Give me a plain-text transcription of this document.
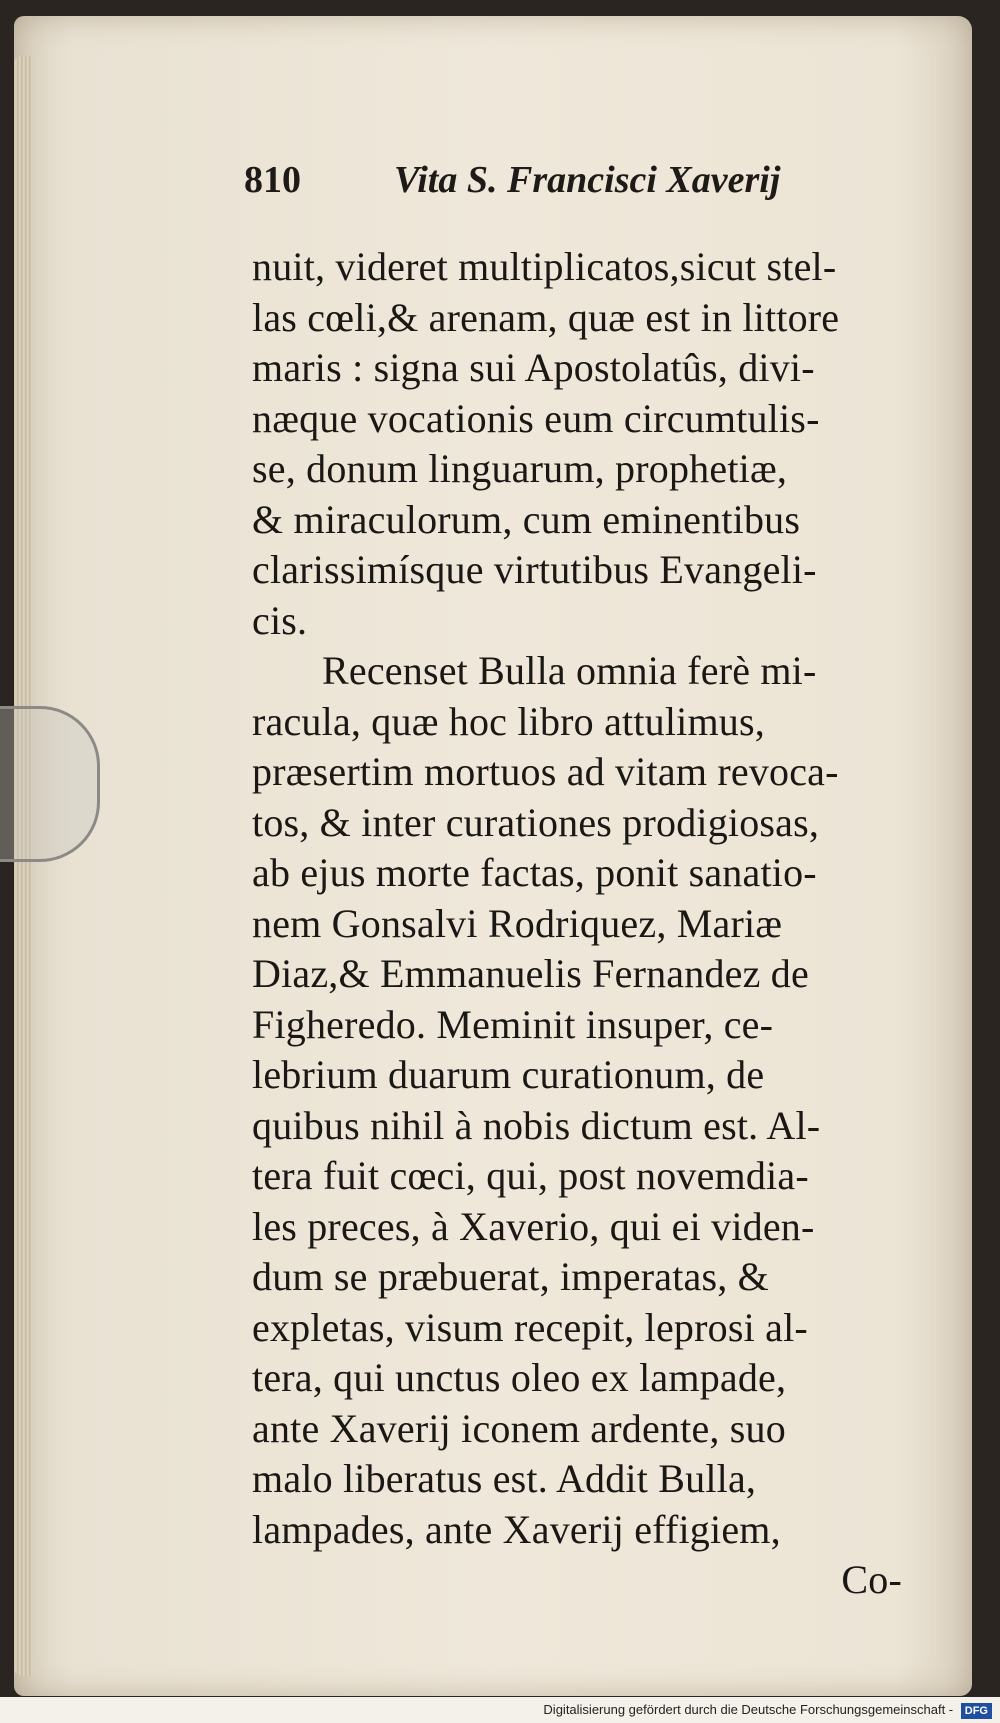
810 Vita S. Francisci Xaverij
nuit, videret multiplicatos,sicut stel-
las cœli,& arenam, quæ est in littore
maris : signa sui Apostolatûs, divi-
næque vocationis eum circumtulis-
se, donum linguarum, prophetiæ,
& miraculorum, cum eminentibus
clarissimísque virtutibus Evangeli-
cis.
Recenset Bulla omnia ferè mi-
racula, quæ hoc libro attulimus,
præsertim mortuos ad vitam revoca-
tos, & inter curationes prodigiosas,
ab ejus morte factas, ponit sanatio-
nem Gonsalvi Rodriquez, Mariæ
Diaz,& Emmanuelis Fernandez de
Figheredo. Meminit insuper, ce-
lebrium duarum curationum, de
quibus nihil à nobis dictum est. Al-
tera fuit cœci, qui, post novemdia-
les preces, à Xaverio, qui ei viden-
dum se præbuerat, imperatas, &
expletas, visum recepit, leprosi al-
tera, qui unctus oleo ex lampade,
ante Xaverij iconem ardente, suo
malo liberatus est. Addit Bulla,
lampades, ante Xaverij effigiem,
Co-
Digitalisierung gefördert durch die Deutsche Forschungsgemeinschaft - DFG
